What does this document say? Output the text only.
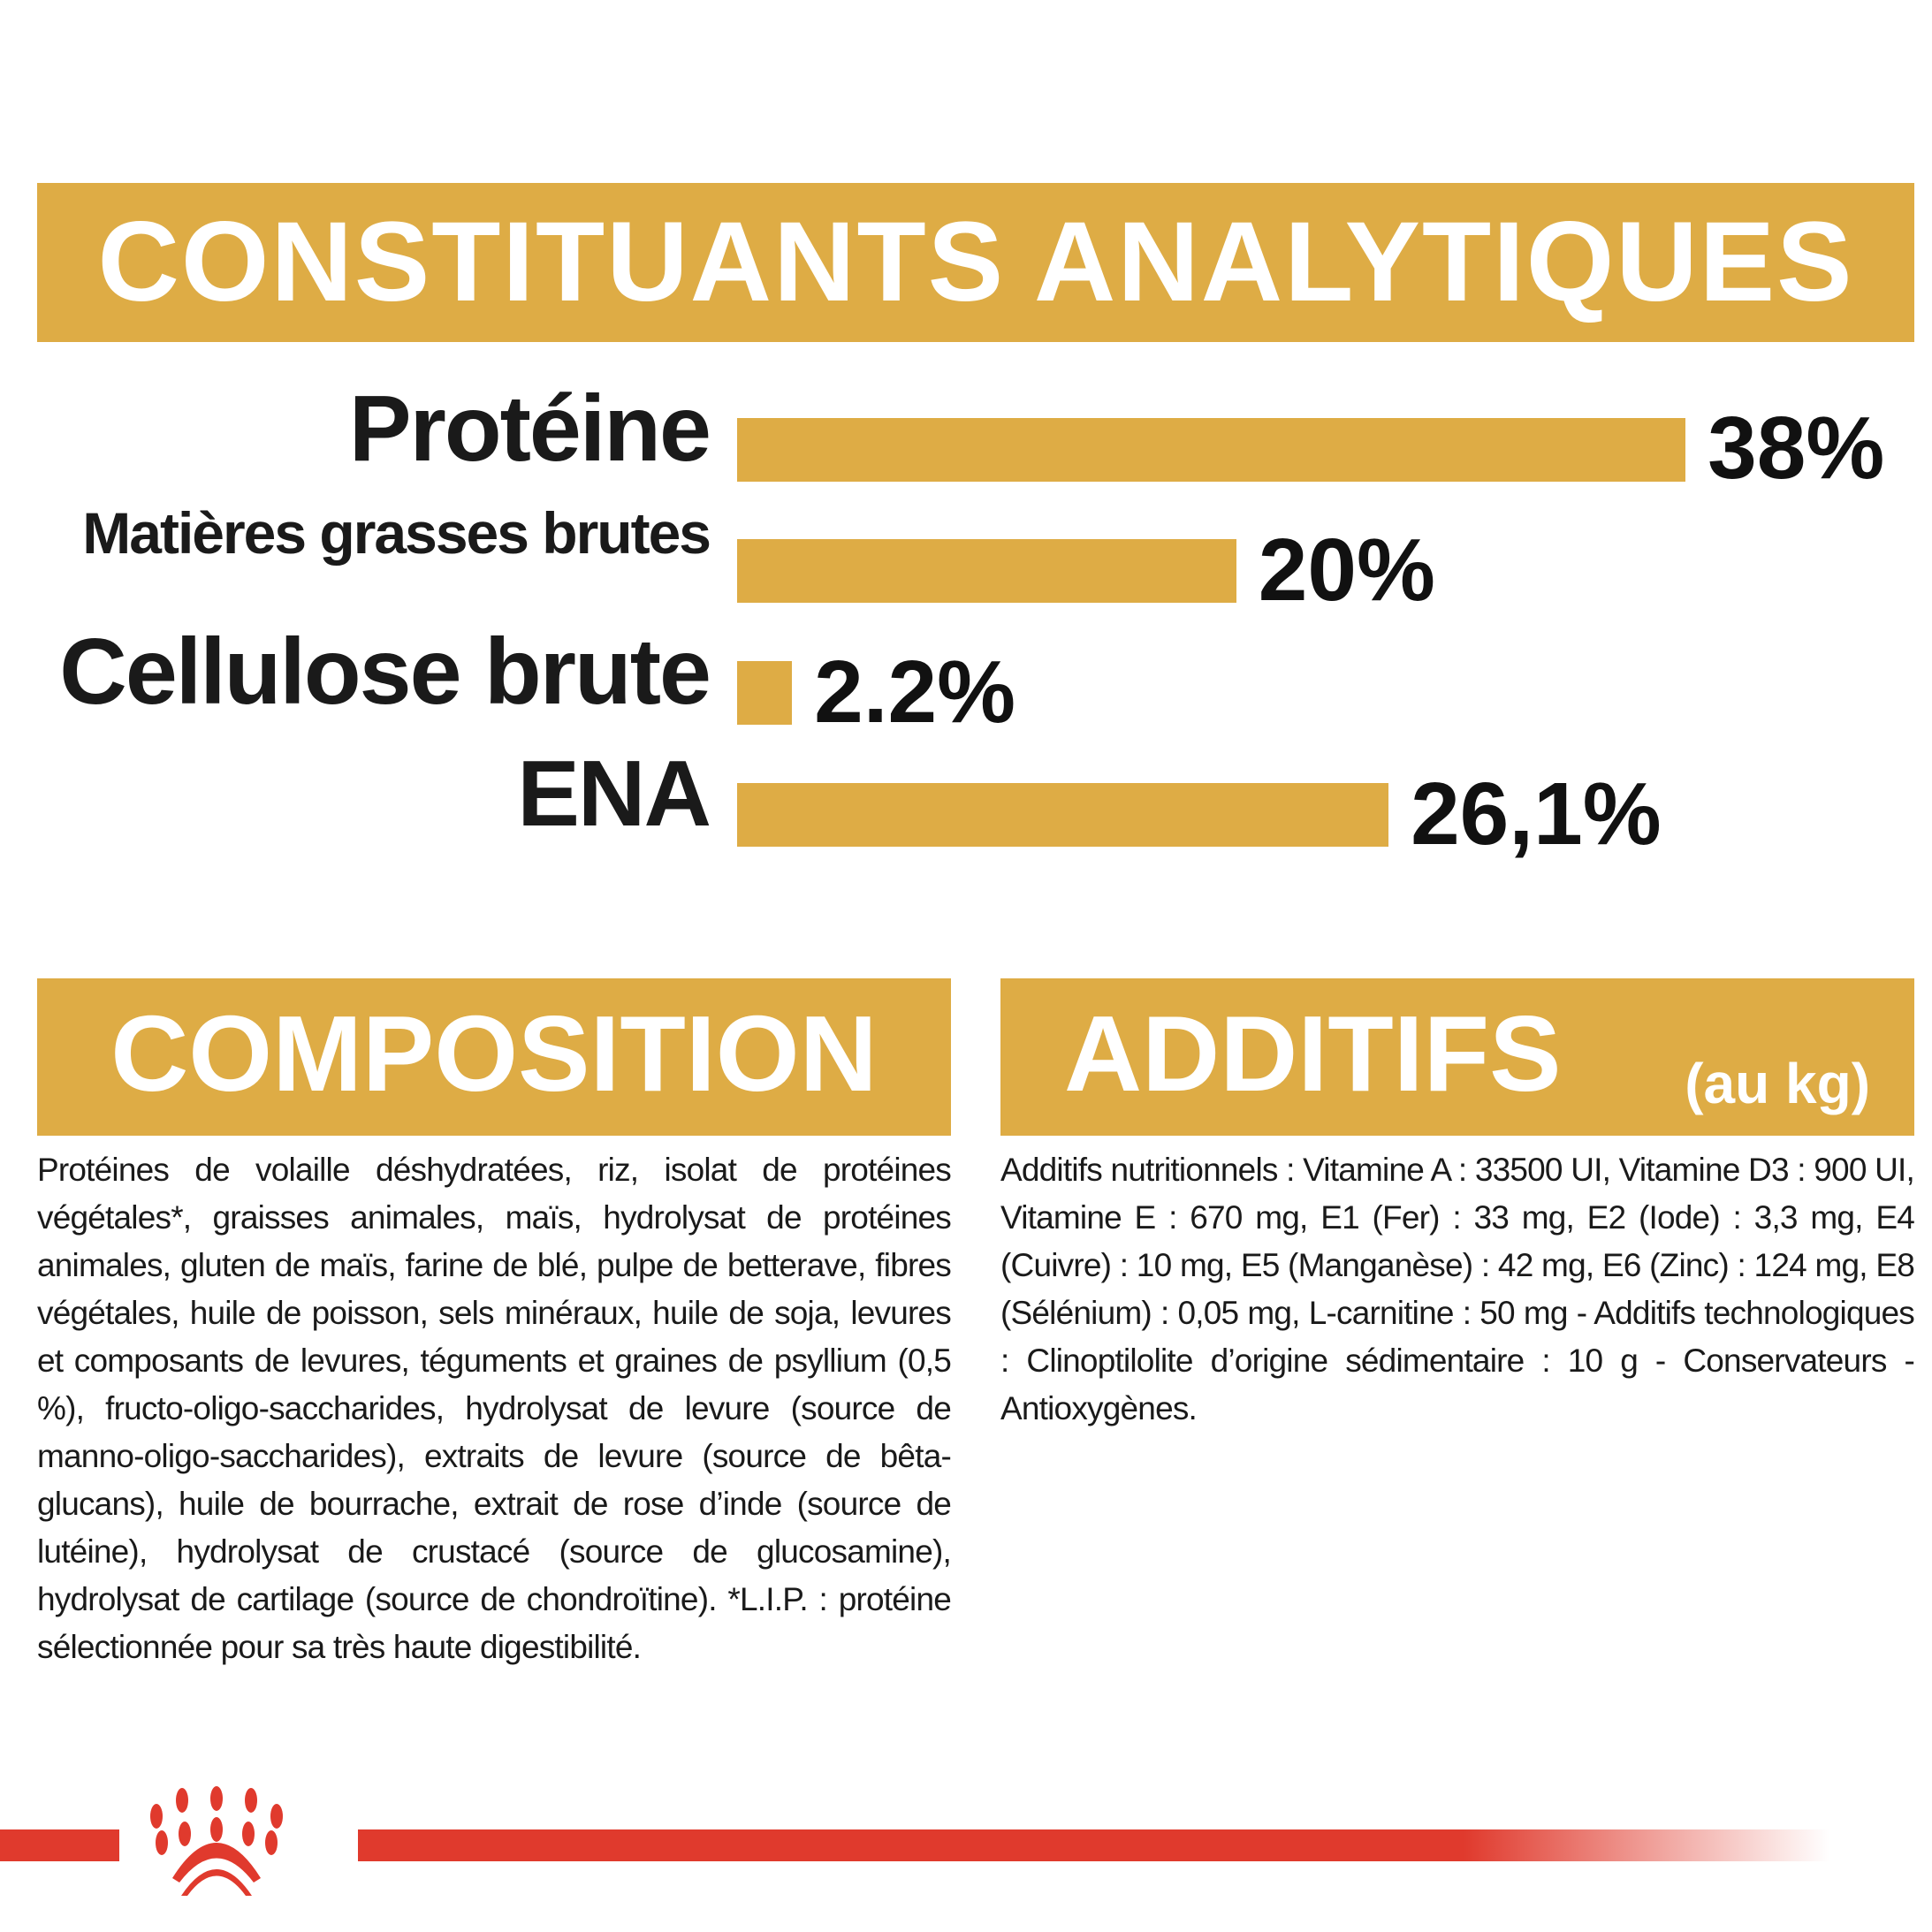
CONSTITUANTS ANALYTIQUES
Protéine
Matières grasses brutes
Cellulose brute
ENA
38%
20%
2.2%
26,1%
COMPOSITION	ADDITIFS (au kg)
Protéines de volaille déshydratées, riz, isolat de protéines végétales*, graisses animales, maïs, hydrolysat de protéines animales, gluten de maïs, farine de blé, pulpe de betterave, fibres végétales, huile de poisson, sels minéraux, huile de soja, levures et composants de levures, téguments et graines de psyllium (0,5 %), fructo-oligo-saccharides, hydrolysat de levure (source de manno-oligo-saccharides), extraits de levure (source de bêta-glucans), huile de bourrache, extrait de rose d’inde (source de lutéine), hydrolysat de crustacé (source de glucosamine), hydrolysat de cartilage (source de chondroïtine). *L.I.P. : protéine sélectionnée pour sa très haute digestibilité.
Additifs nutritionnels : Vitamine A : 33500 UI, Vitamine D3 : 900 UI, Vitamine E : 670 mg, E1 (Fer) : 33 mg, E2 (Iode) : 3,3 mg, E4 (Cuivre) : 10 mg, E5 (Manganèse) : 42 mg, E6 (Zinc) : 124 mg, E8 (Sélénium) : 0,05 mg, L-carnitine : 50 mg - Additifs technologiques : Clinoptilolite d’origine sédimentaire : 10 g - Conservateurs - Antioxygènes.
